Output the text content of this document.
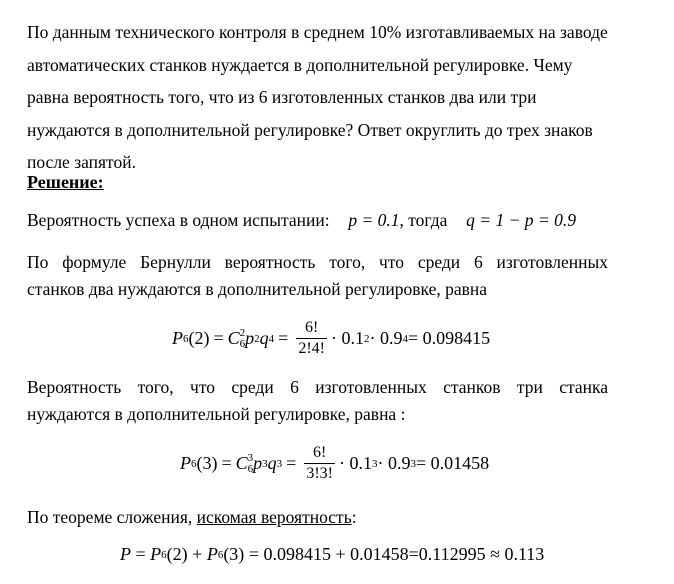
По данным технического контроля в среднем 10% изготавливаемых на заводе
автоматических станков нуждается в дополнительной регулировке. Чему
равна вероятность того, что из 6 изготовленных станков два или три
нуждаются в дополнительной регулировке? Ответ округлить до трех знаков
после запятой.
Решение:
Вероятность успеха в одном испытании: p = 0.1, тогда q = 1 − p = 0.9
По формуле Бернулли вероятность того, что среди 6 изготовленных
станков два нуждаются в дополнительной регулировке, равна
P 6 (2) = C 2
6 p 2 q $4 = \frac{6!}{2!4!} \cdot 0.1$ 2 · 0.9 4 = 0.098415
Вероятность того, что среди 6 изготовленных станков три станка
нуждаются в дополнительной регулировке, равна :
P 6 (3) = C 3
6 p 3 q $3 = \frac{6!}{3!3!} \cdot 0.1$ 3 · 0.9 3 = 0.01458
По теореме сложения, искомая вероятность:
P = P 6 (2) + P 6 (3) = 0.098415 + 0.01458=0.112995 ≈ 0.113
